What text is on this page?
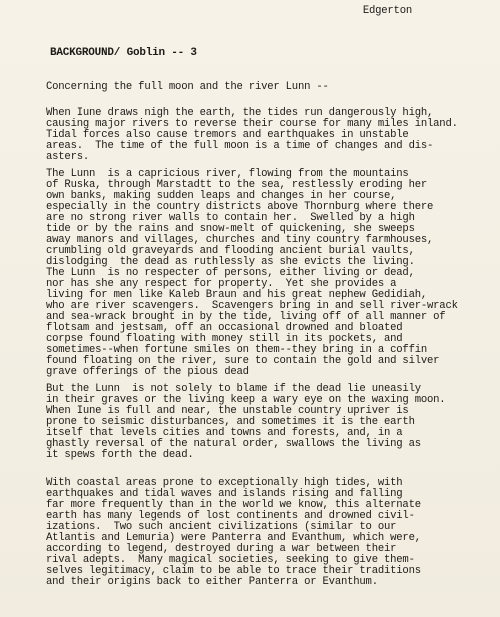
Edgerton
BACKGROUND/ Goblin -- 3
Concerning the full moon and the river Lunn --
When Iune draws nigh the earth, the tides run dangerously high,
causing major rivers to reverse their course for many miles inland.
Tidal forces also cause tremors and earthquakes in unstable
areas.  The time of the full moon is a time of changes and dis-
asters.
The Lunn  is a capricious river, flowing from the mountains
of Ruska, through Marstadtt to the sea, restlessly eroding her
own banks, making sudden leaps and changes in her course,
especially in the country districts above Thornburg where there
are no strong river walls to contain her.  Swelled by a high
tide or by the rains and snow-melt of quickening, she sweeps
away manors and villages, churches and tiny country farmhouses,
crumbling old graveyards and flooding ancient burial vaults,
dislodging  the dead as ruthlessly as she evicts the living.
The Lunn  is no respecter of persons, either living or dead,
nor has she any respect for property.  Yet she provides a
living for men like Kaleb Braun and his great nephew Gedidiah,
who are river scavengers.  Scavengers bring in and sell river-wrack
and sea-wrack brought in by the tide, living off of all manner of
flotsam and jestsam, off an occasional drowned and bloated
corpse found floating with money still in its pockets, and
sometimes--when fortune smiles on them--they bring in a coffin
found floating on the river, sure to contain the gold and silver
grave offerings of the pious dead
But the Lunn  is not solely to blame if the dead lie uneasily
in their graves or the living keep a wary eye on the waxing moon.
When Iune is full and near, the unstable country upriver is
prone to seismic disturbances, and sometimes it is the earth
itself that levels cities and towns and forests, and, in a
ghastly reversal of the natural order, swallows the living as
it spews forth the dead.
With coastal areas prone to exceptionally high tides, with
earthquakes and tidal waves and islands rising and falling
far more frequently than in the world we know, this alternate
earth has many legends of lost continents and drowned civil-
izations.  Two such ancient civilizations (similar to our
Atlantis and Lemuria) were Panterra and Evanthum, which were,
according to legend, destroyed during a war between their
rival adepts.  Many magical societies, seeking to give them-
selves legitimacy, claim to be able to trace their traditions
and their origins back to either Panterra or Evanthum.
